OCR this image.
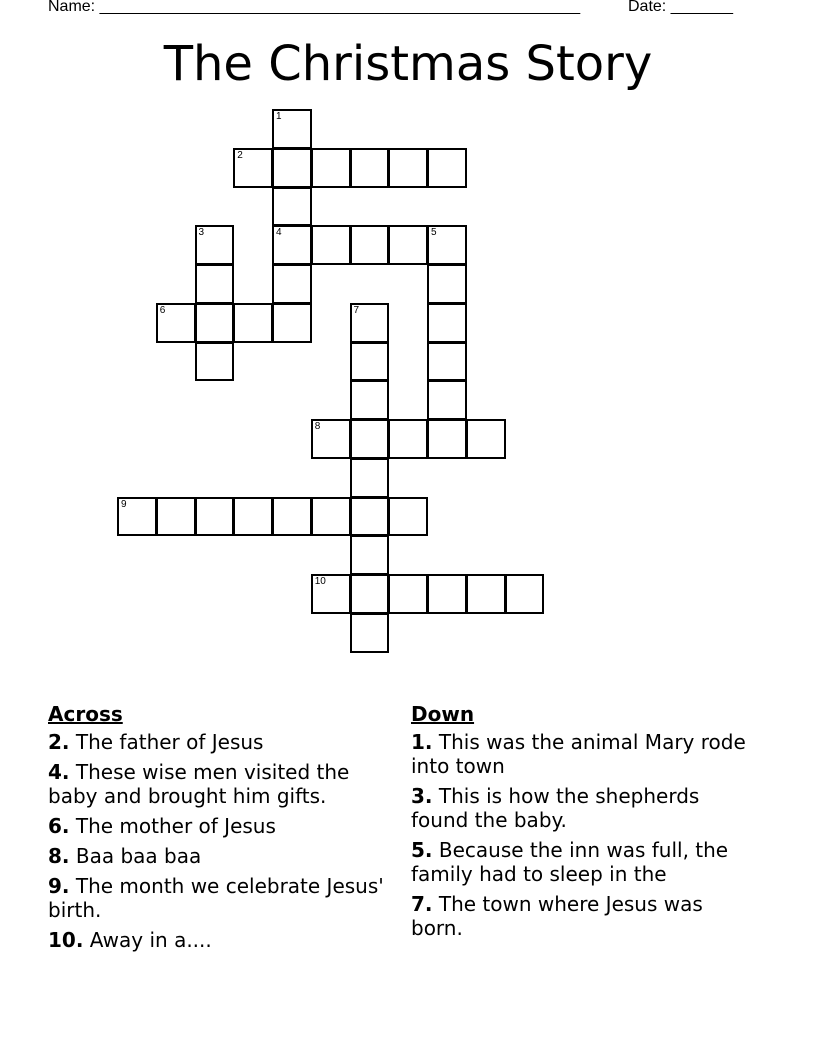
Name: ______________________________________________________	Date: _______
The Christmas Story
1
2
3	4	5
6	7
8
9
10
Across
2. The father of Jesus
4. These wise men visited the baby and brought him gifts.
6. The mother of Jesus
8. Baa baa baa
9. The month we celebrate Jesus' birth.
10. Away in a....
Down
1. This was the animal Mary rode into town
3. This is how the shepherds found the baby.
5. Because the inn was full, the family had to sleep in the
7. The town where Jesus was born.
